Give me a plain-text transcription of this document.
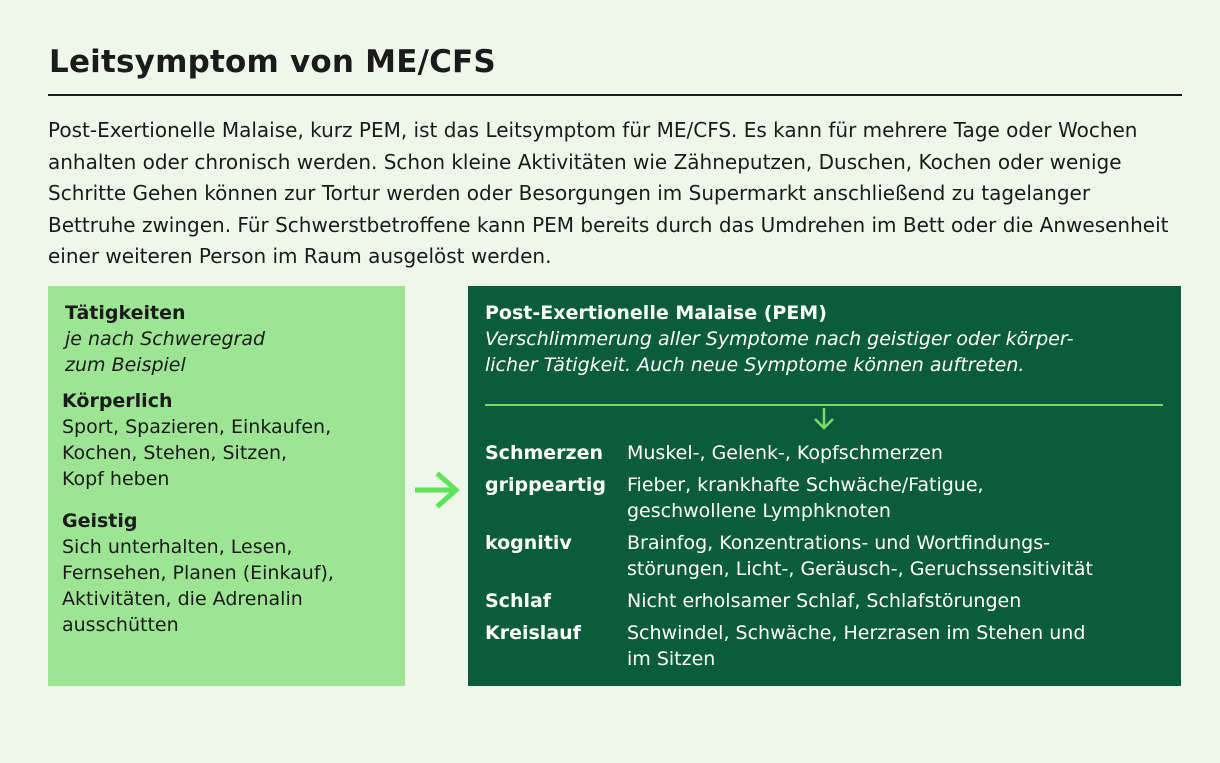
Leitsymptom von ME/CFS

Post-Exertionelle Malaise, kurz PEM, ist das Leitsymptom für ME/CFS. Es kann für mehrere Tage oder Wochen anhalten oder chronisch werden. Schon kleine Aktivitäten wie Zähneputzen, Duschen, Kochen oder wenige Schritte Gehen können zur Tortur werden oder Besorgungen im Supermarkt anschließend zu tagelanger Bettruhe zwingen. Für Schwerstbetroffene kann PEM bereits durch das Umdrehen im Bett oder die Anwesenheit einer weiteren Person im Raum ausgelöst werden.

Tätigkeiten
je nach Schweregrad
zum Beispiel
Körperlich
Sport, Spazieren, Einkaufen,
Kochen, Stehen, Sitzen,
Kopf heben
Geistig
Sich unterhalten, Lesen,
Fernsehen, Planen (Einkauf),
Aktivitäten, die Adrenalin
ausschütten
Post-Exertionelle Malaise (PEM)
Verschlimmerung aller Symptome nach geistiger oder körper-
licher Tätigkeit. Auch neue Symptome können auftreten.
Schmerzen	Muskel-, Gelenk-, Kopfschmerzen
grippeartig	Fieber, krankhafte Schwäche/Fatigue,
geschwollene Lymphknoten
kognitiv	Brainfog, Konzentrations- und Wortfindungs-
störungen, Licht-, Geräusch-, Geruchssensitivität
Schlaf	Nicht erholsamer Schlaf, Schlafstörungen
Kreislauf	Schwindel, Schwäche, Herzrasen im Stehen und
im Sitzen
